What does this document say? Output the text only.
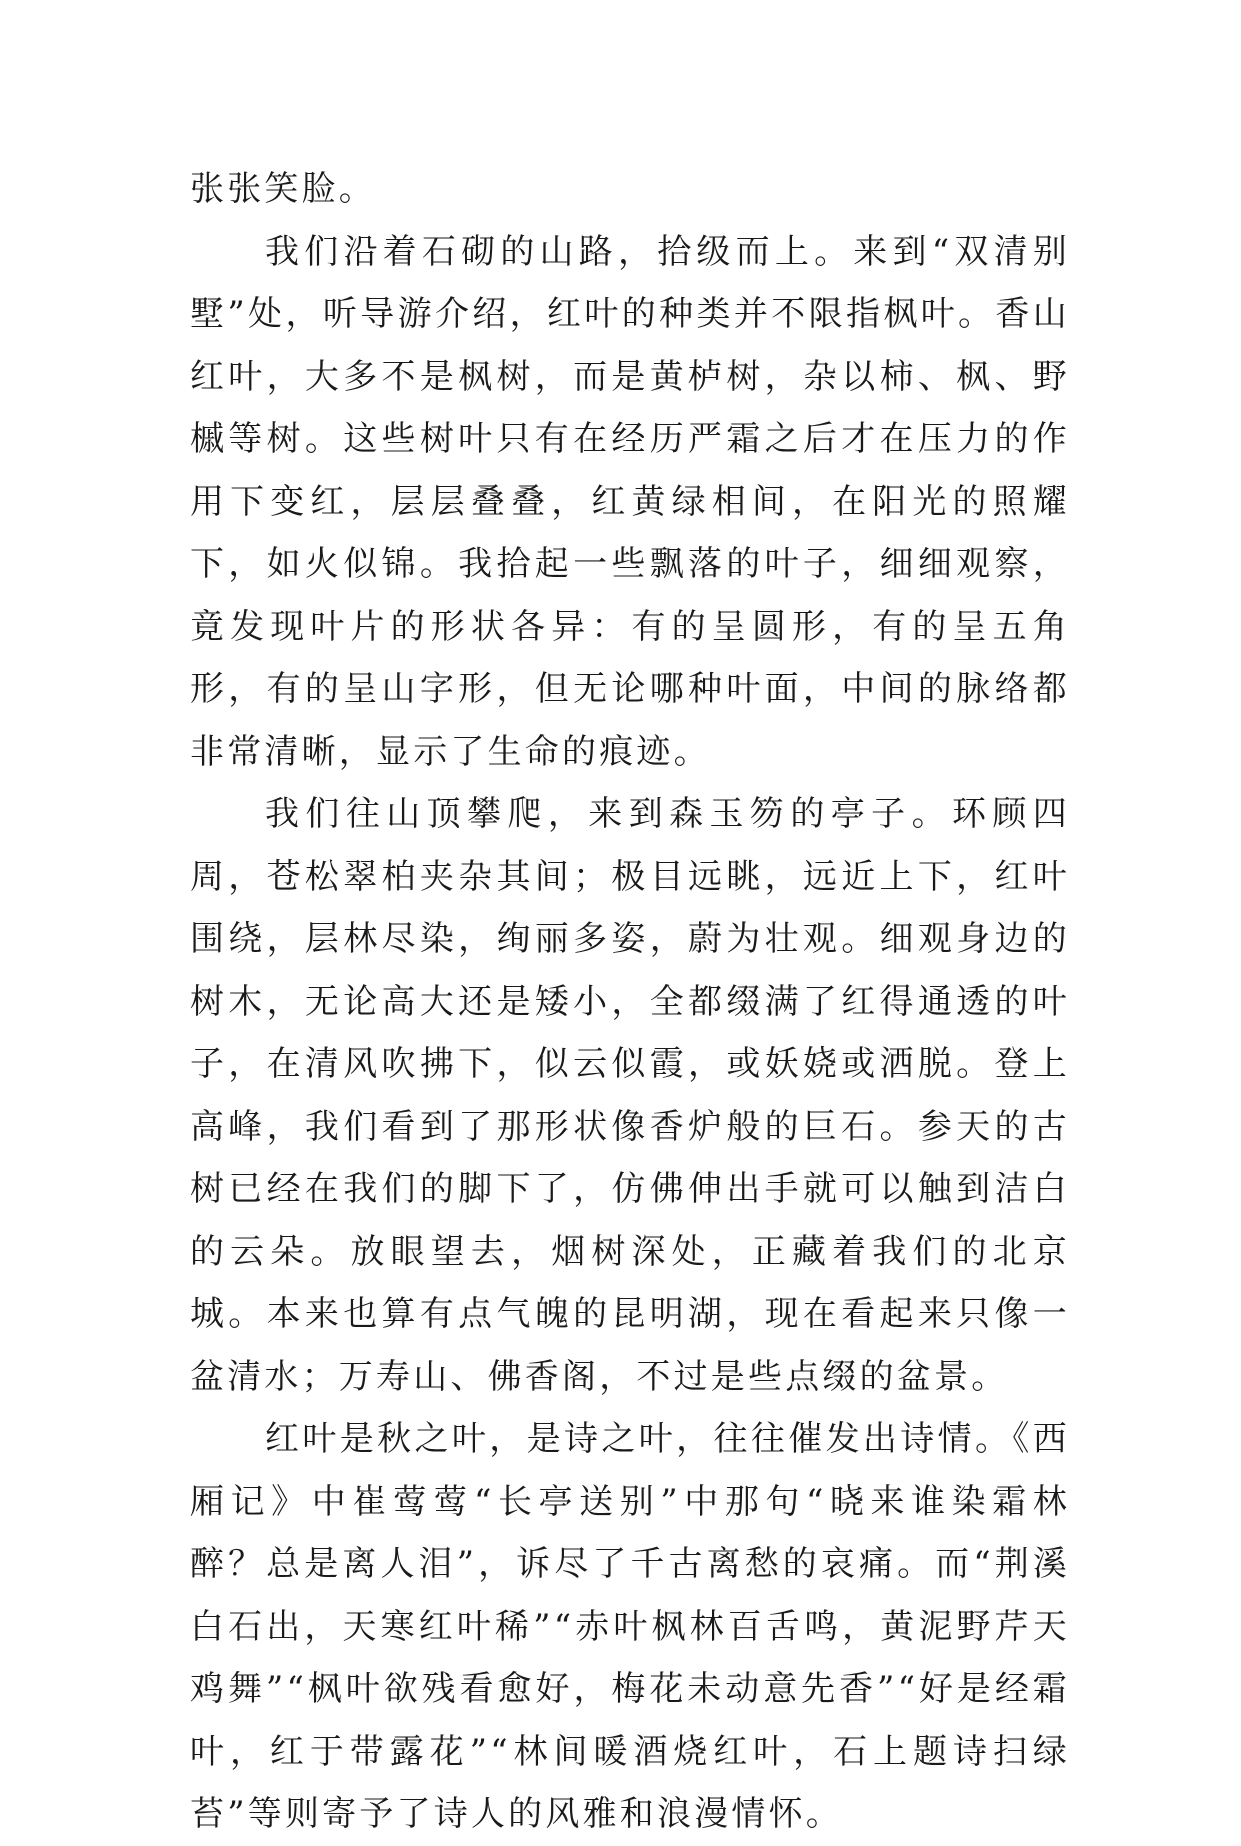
张张笑脸。

我们沿着石砌的山路，拾级而上。来到“双清别墅”处，听导游介绍，红叶的种类并不限指枫叶。香山红叶，大多不是枫树，而是黄栌树，杂以柿、枫、野槭等树。这些树叶只有在经历严霜之后才在压力的作用下变红，层层叠叠，红黄绿相间，在阳光的照耀下，如火似锦。我拾起一些飘落的叶子，细细观察，竟发现叶片的形状各异：有的呈圆形，有的呈五角形，有的呈山字形，但无论哪种叶面，中间的脉络都非常清晰，显示了生命的痕迹。

我们往山顶攀爬，来到森玉笏的亭子。环顾四周，苍松翠柏夹杂其间；极目远眺，远近上下，红叶围绕，层林尽染，绚丽多姿，蔚为壮观。细观身边的树木，无论高大还是矮小，全都缀满了红得通透的叶子，在清风吹拂下，似云似霞，或妖娆或洒脱。登上高峰，我们看到了那形状像香炉般的巨石。参天的古树已经在我们的脚下了，仿佛伸出手就可以触到洁白的云朵。放眼望去，烟树深处，正藏着我们的北京城。本来也算有点气魄的昆明湖，现在看起来只像一盆清水；万寿山、佛香阁，不过是些点缀的盆景。

红叶是秋之叶，是诗之叶，往往催发出诗情。《西厢记》中崔莺莺“长亭送别”中那句“晓来谁染霜林醉？总是离人泪”，诉尽了千古离愁的哀痛。而“荆溪白石出，天寒红叶稀”“赤叶枫林百舌鸣，黄泥野芹天鸡舞”“枫叶欲残看愈好，梅花未动意先香”“好是经霜叶，红于带露花”“林间暖酒烧红叶，石上题诗扫绿苔”等则寄予了诗人的风雅和浪漫情怀。
